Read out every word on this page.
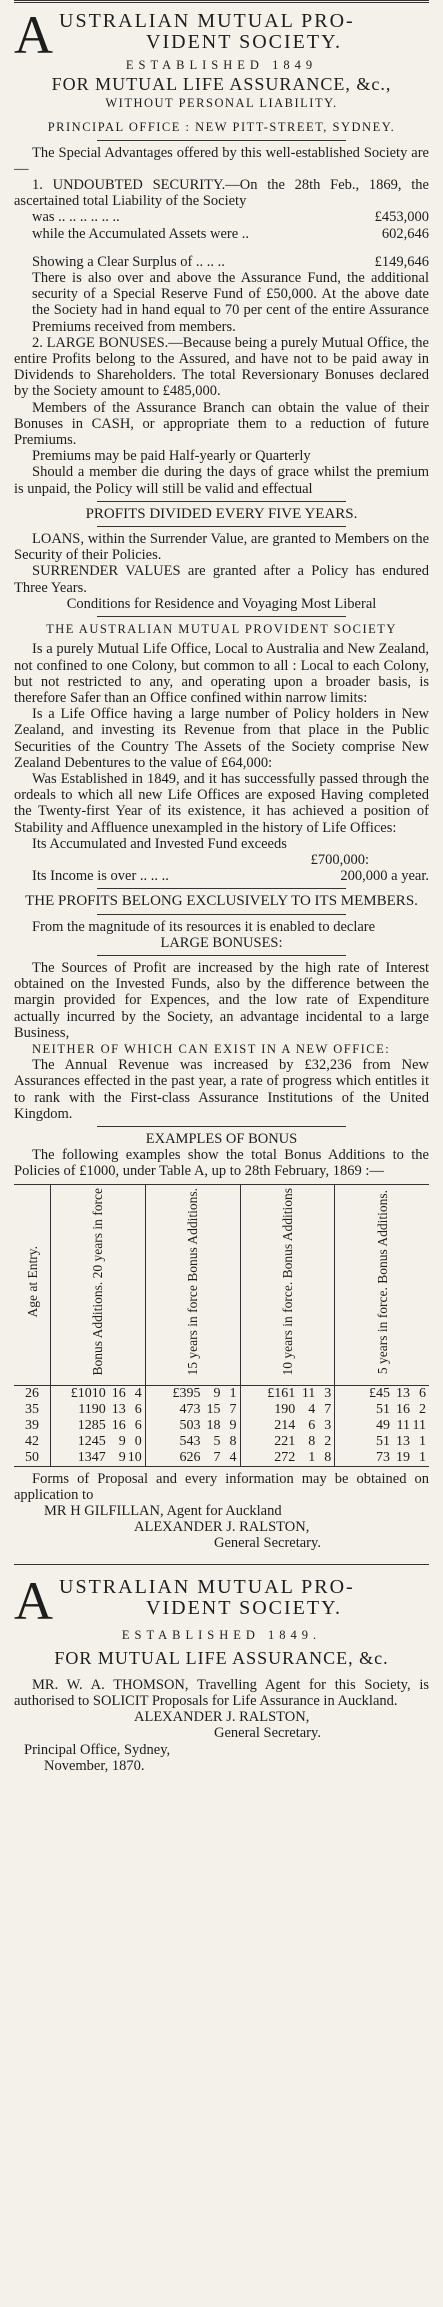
A USTRALIAN MUTUAL PRO-

VIDENT SOCIETY.

ESTABLISHED 1849

FOR MUTUAL LIFE ASSURANCE, &c.,

WITHOUT PERSONAL LIABILITY.

PRINCIPAL OFFICE : NEW PITT-STREET, SYDNEY.

The Special Advantages offered by this well-established Society are—

1. UNDOUBTED SECURITY.—On the 28th Feb., 1869, the ascertained total Liability of the Society

was .. .. .. .. .. ..	£453,000
while the Accumulated Assets were ..	602,646
Showing a Clear Surplus of .. .. ..	£149,646

There is also over and above the Assurance Fund, the additional security of a Special Reserve Fund of £50,000. At the above date the Society had in hand equal to 70 per cent of the entire Assurance Premiums received from members.

2. LARGE BONUSES.—Because being a purely Mutual Office, the entire Profits belong to the Assured, and have not to be paid away in Dividends to Shareholders. The total Reversionary Bonuses declared by the Society amount to £485,000.

Members of the Assurance Branch can obtain the value of their Bonuses in CASH, or appropriate them to a reduction of future Premiums.

Premiums may be paid Half-yearly or Quarterly

Should a member die during the days of grace whilst the premium is unpaid, the Policy will still be valid and effectual

PROFITS DIVIDED EVERY FIVE YEARS.

LOANS, within the Surrender Value, are granted to Members on the Security of their Policies.

SURRENDER VALUES are granted after a Policy has endured Three Years.

Conditions for Residence and Voyaging Most Liberal

THE AUSTRALIAN MUTUAL PROVIDENT SOCIETY

Is a purely Mutual Life Office, Local to Australia and New Zealand, not confined to one Colony, but common to all : Local to each Colony, but not restricted to any, and operating upon a broader basis, is therefore Safer than an Office confined within narrow limits:

Is a Life Office having a large number of Policy holders in New Zealand, and investing its Revenue from that place in the Public Securities of the Country The Assets of the Society comprise New Zealand Debentures to the value of £64,000:

Was Established in 1849, and it has successfully passed through the ordeals to which all new Life Offices are exposed Having completed the Twenty-first Year of its existence, it has achieved a position of Stability and Affluence unexampled in the history of Life Offices:

Its Accumulated and Invested Fund exceeds

£700,000:

Its Income is over .. .. ..	200,000 a year.

THE PROFITS BELONG EXCLUSIVELY TO ITS MEMBERS.

From the magnitude of its resources it is enabled to declare

LARGE BONUSES:

The Sources of Profit are increased by the high rate of Interest obtained on the Invested Funds, also by the difference between the margin provided for Expences, and the low rate of Expenditure actually incurred by the Society, an advantage incidental to a large Business,

NEITHER OF WHICH CAN EXIST IN A NEW OFFICE:

The Annual Revenue was increased by £32,236 from New Assurances effected in the past year, a rate of progress which entitles it to rank with the First-class Assurance Institutions of the United Kingdom.

EXAMPLES OF BONUS

The following examples show the total Bonus Additions to the Policies of £1000, under Table A, up to 28th February, 1869 :—

Age at Entry.	Bonus Additions. 20 years in force	15 years in force Bonus Additions.	10 years in force. Bonus Additions	5 years in force. Bonus Additions.
26	£1010 16 4	£395 9 1	£161 11 3	£45 13 6
35	1190 13 6	473 15 7	190 4 7	51 16 2
39	1285 16 6	503 18 9	214 6 3	49 11 11
42	1245 9 0	543 5 8	221 8 2	51 13 1
50	1347 9 10	626 7 4	272 1 8	73 19 1

Forms of Proposal and every information may be obtained on application to

MR H GILFILLAN, Agent for Auckland

ALEXANDER J. RALSTON,

General Secretary.

A USTRALIAN MUTUAL PRO-

VIDENT SOCIETY.

ESTABLISHED 1849.

FOR MUTUAL LIFE ASSURANCE, &c.

MR. W. A. THOMSON, Travelling Agent for this Society, is authorised to SOLICIT Proposals for Life Assurance in Auckland.

ALEXANDER J. RALSTON,

General Secretary.

Principal Office, Sydney,

November, 1870.
